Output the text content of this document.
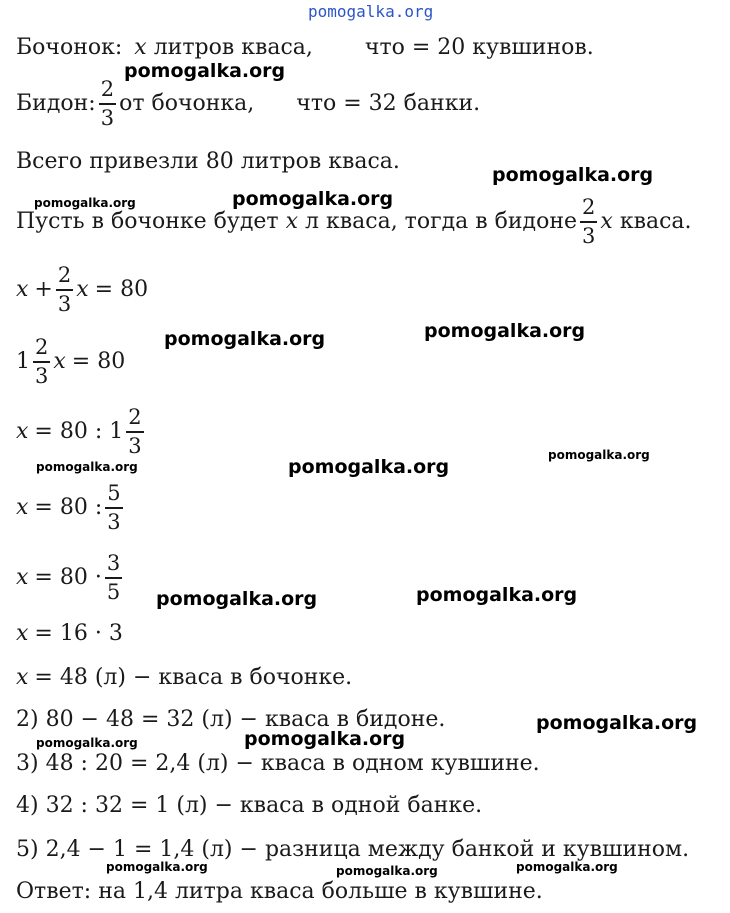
pomogalka.org
pomogalka.org
pomogalka.org
pomogalka.org	pomogalka.org
pomogalka.org	pomogalka.org
pomogalka.org	pomogalka.org
pomogalka.org
pomogalka.org	pomogalka.org
pomogalka.org
pomogalka.org	pomogalka.org
pomogalka.org	pomogalka.org	pomogalka.org
Бочонок: x литров кваса, что = 20 кувшинов.
Бидон: $\frac{2}{3}$ от бочонка, что = 32 банки.
Всего привезли 80 литров кваса.
Пусть в бочонке будет x л кваса, тогда в бидоне $\frac{2}{3}$ x кваса.
$x + \frac{2}{3}$ x = 80
$1 \frac{2}{3}$ x = 80
x = 80 : $1 \frac{2}{3}$
x = 80 : $\frac{5}{3}$
$x = 80 \cdot \frac{3}{5}$
x = 16 · 3
x = 48 (л) − кваса в бочонке.
2) 80 − 48 = 32 (л) − кваса в бидоне.
3) 48 : 20 = 2,4 (л) − кваса в одном кувшине.
4) 32 : 32 = 1 (л) − кваса в одной банке.
5) 2,4 − 1 = 1,4 (л) − разница между банкой и кувшином.
Ответ: на 1,4 литра кваса больше в кувшине.
